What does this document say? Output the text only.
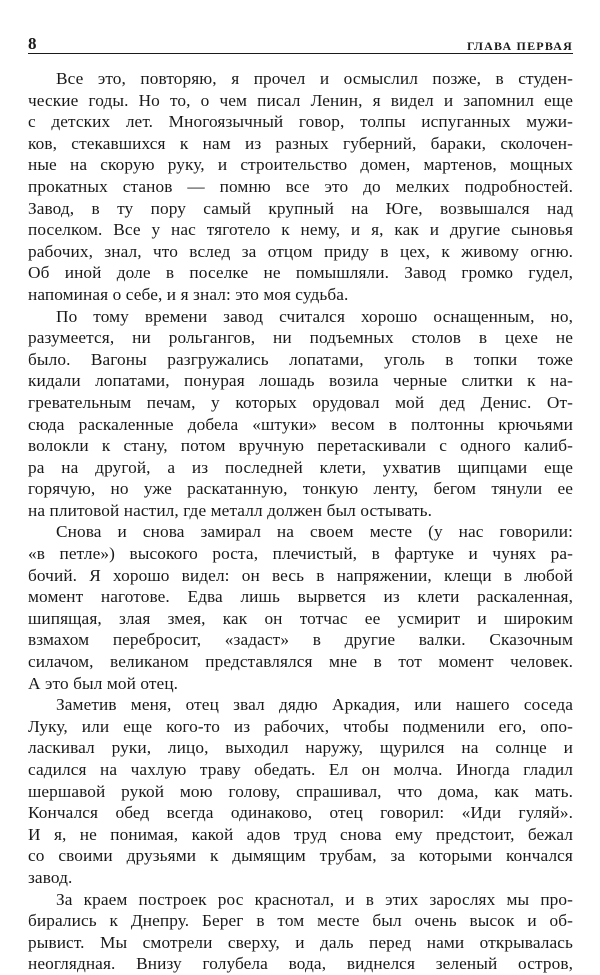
8	ГЛАВА ПЕРВАЯ
Все это, повторяю, я прочел и осмыслил позже, в студен-
ческие годы. Но то, о чем писал Ленин, я видел и запомнил еще
с детских лет. Многоязычный говор, толпы испуганных мужи-
ков, стекавшихся к нам из разных губерний, бараки, сколочен-
ные на скорую руку, и строительство домен, мартенов, мощных
прокатных станов — помню все это до мелких подробностей.
Завод, в ту пору самый крупный на Юге, возвышался над
поселком. Все у нас тяготело к нему, и я, как и другие сыновья
рабочих, знал, что вслед за отцом приду в цех, к живому огню.
Об иной доле в поселке не помышляли. Завод громко гудел,
напоминая о себе, и я знал: это моя судьба.
По тому времени завод считался хорошо оснащенным, но,
разумеется, ни рольгангов, ни подъемных столов в цехе не
было. Вагоны разгружались лопатами, уголь в топки тоже
кидали лопатами, понурая лошадь возила черные слитки к на-
гревательным печам, у которых орудовал мой дед Денис. От-
сюда раскаленные добела «штуки» весом в полтонны крючьями
волокли к стану, потом вручную перетаскивали с одного калиб-
ра на другой, а из последней клети, ухватив щипцами еще
горячую, но уже раскатанную, тонкую ленту, бегом тянули ее
на плитовой настил, где металл должен был остывать.
Снова и снова замирал на своем месте (у нас говорили:
«в петле») высокого роста, плечистый, в фартуке и чунях ра-
бочий. Я хорошо видел: он весь в напряжении, клещи в любой
момент наготове. Едва лишь вырвется из клети раскаленная,
шипящая, злая змея, как он тотчас ее усмирит и широким
взмахом перебросит, «задаст» в другие валки. Сказочным
силачом, великаном представлялся мне в тот момент человек.
А это был мой отец.
Заметив меня, отец звал дядю Аркадия, или нашего соседа
Луку, или еще кого-то из рабочих, чтобы подменили его, опо-
ласкивал руки, лицо, выходил наружу, щурился на солнце и
садился на чахлую траву обедать. Ел он молча. Иногда гладил
шершавой рукой мою голову, спрашивал, что дома, как мать.
Кончался обед всегда одинаково, отец говорил: «Иди гуляй».
И я, не понимая, какой адов труд снова ему предстоит, бежал
со своими друзьями к дымящим трубам, за которыми кончался
завод.
За краем построек рос краснотал, и в этих зарослях мы про-
бирались к Днепру. Берег в том месте был очень высок и об-
рывист. Мы смотрели сверху, и даль перед нами открывалась
неоглядная. Внизу голубела вода, виднелся зеленый остров,
